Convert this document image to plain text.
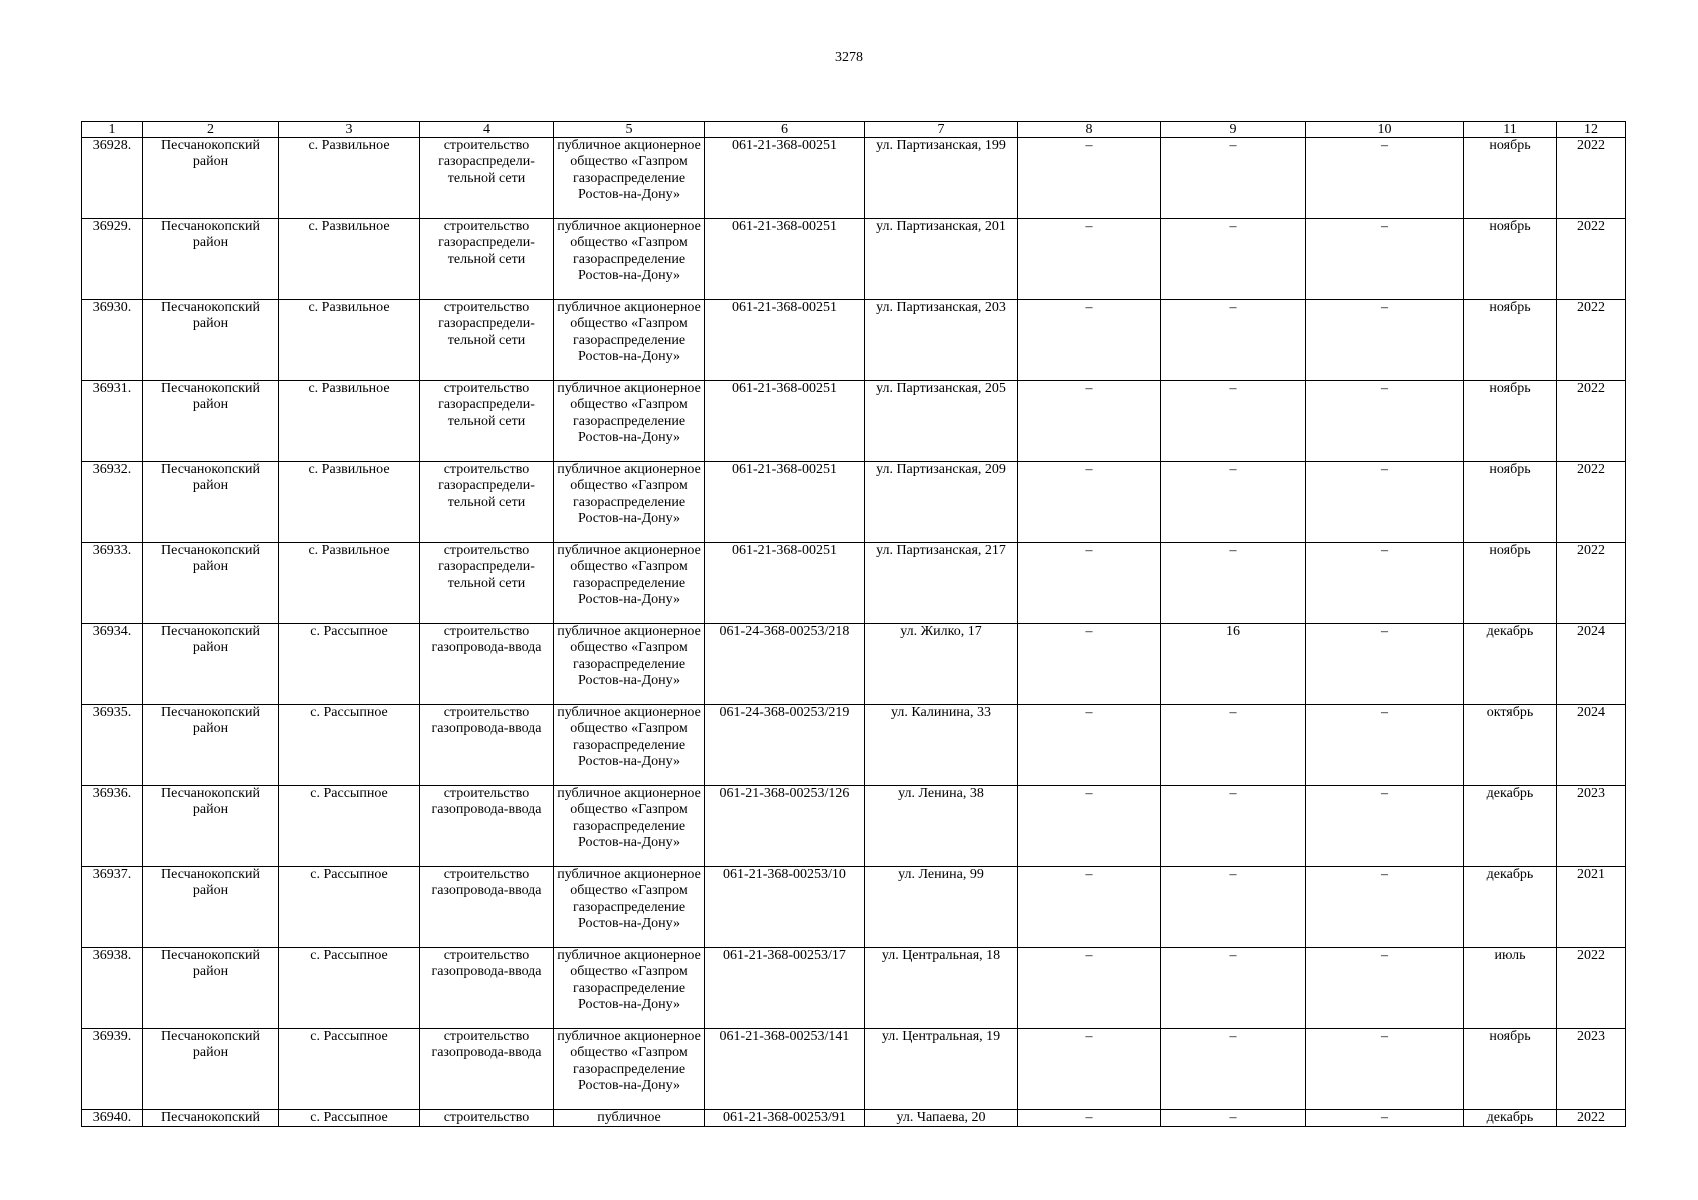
3278
1	2	3	4	5	6	7	8	9	10	11	12
36928.	Песчанокопский район	с. Развильное	строительство газораспредели-тельной сети	публичное акционерное общество «Газпром газораспределение Ростов-на-Дону»	061-21-368-00251	ул. Партизанская, 199	–	–	–	ноябрь	2022
36929.	Песчанокопский район	с. Развильное	строительство газораспредели-тельной сети	публичное акционерное общество «Газпром газораспределение Ростов-на-Дону»	061-21-368-00251	ул. Партизанская, 201	–	–	–	ноябрь	2022
36930.	Песчанокопский район	с. Развильное	строительство газораспредели-тельной сети	публичное акционерное общество «Газпром газораспределение Ростов-на-Дону»	061-21-368-00251	ул. Партизанская, 203	–	–	–	ноябрь	2022
36931.	Песчанокопский район	с. Развильное	строительство газораспредели-тельной сети	публичное акционерное общество «Газпром газораспределение Ростов-на-Дону»	061-21-368-00251	ул. Партизанская, 205	–	–	–	ноябрь	2022
36932.	Песчанокопский район	с. Развильное	строительство газораспредели-тельной сети	публичное акционерное общество «Газпром газораспределение Ростов-на-Дону»	061-21-368-00251	ул. Партизанская, 209	–	–	–	ноябрь	2022
36933.	Песчанокопский район	с. Развильное	строительство газораспредели-тельной сети	публичное акционерное общество «Газпром газораспределение Ростов-на-Дону»	061-21-368-00251	ул. Партизанская, 217	–	–	–	ноябрь	2022
36934.	Песчанокопский район	с. Рассыпное	строительство газопровода-ввода	публичное акционерное общество «Газпром газораспределение Ростов-на-Дону»	061-24-368-00253/218	ул. Жилко, 17	–	16	–	декабрь	2024
36935.	Песчанокопский район	с. Рассыпное	строительство газопровода-ввода	публичное акционерное общество «Газпром газораспределение Ростов-на-Дону»	061-24-368-00253/219	ул. Калинина, 33	–	–	–	октябрь	2024
36936.	Песчанокопский район	с. Рассыпное	строительство газопровода-ввода	публичное акционерное общество «Газпром газораспределение Ростов-на-Дону»	061-21-368-00253/126	ул. Ленина, 38	–	–	–	декабрь	2023
36937.	Песчанокопский район	с. Рассыпное	строительство газопровода-ввода	публичное акционерное общество «Газпром газораспределение Ростов-на-Дону»	061-21-368-00253/10	ул. Ленина, 99	–	–	–	декабрь	2021
36938.	Песчанокопский район	с. Рассыпное	строительство газопровода-ввода	публичное акционерное общество «Газпром газораспределение Ростов-на-Дону»	061-21-368-00253/17	ул. Центральная, 18	–	–	–	июль	2022
36939.	Песчанокопский район	с. Рассыпное	строительство газопровода-ввода	публичное акционерное общество «Газпром газораспределение Ростов-на-Дону»	061-21-368-00253/141	ул. Центральная, 19	–	–	–	ноябрь	2023
36940.	Песчанокопский	с. Рассыпное	строительство	публичное	061-21-368-00253/91	ул. Чапаева, 20	–	–	–	декабрь	2022
